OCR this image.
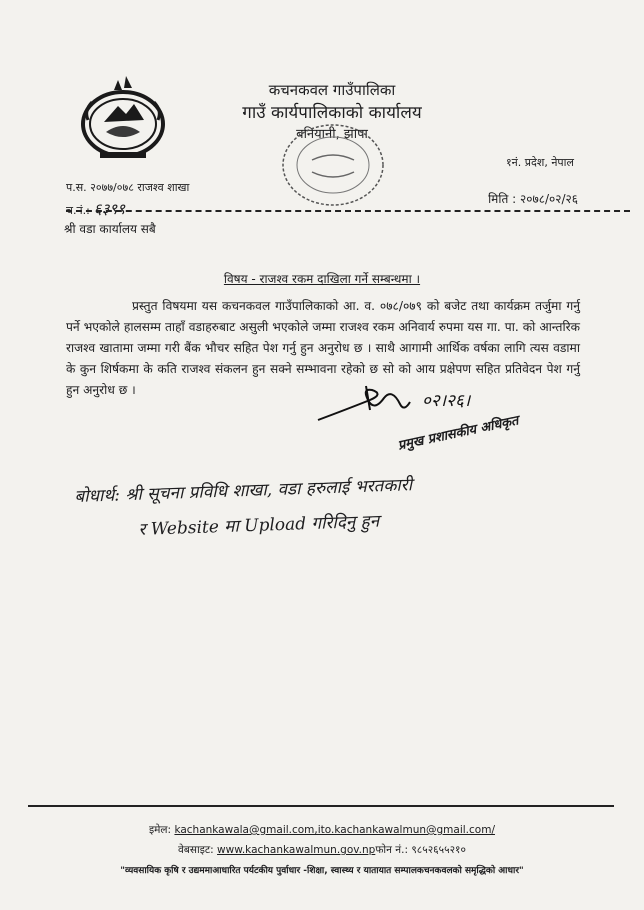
कचनकवल गाउँपालिका
गाउँ कार्यपालिकाको कार्यालय
बनियानी, झापा
१नं. प्रदेश, नेपाल
प.स. २०७७/०७८ राजश्व शाखा
च.नं.: ६३९९
मिति : २०७८/०२/२६
श्री वडा कार्यालय सबै
विषय - राजश्व रकम दाखिला गर्ने सम्बन्धमा ।
प्रस्तुत विषयमा यस कचनकवल गाउँपालिकाको आ. व. ०७८/०७९ को बजेट तथा कार्यक्रम तर्जुमा गर्नु पर्ने भएकोले हालसम्म ताहाँ वडाहरुबाट असुली भएकोले जम्मा राजश्व रकम अनिवार्य रुपमा यस गा. पा. को आन्तरिक राजश्व खातामा जम्मा गरी बैंक भौचर सहित पेश गर्नु हुन अनुरोध छ । साथै आगामी आर्थिक वर्षका लागि त्यस वडामा के कुन शिर्षकमा के कति राजश्व संकलन हुन सक्ने सम्भावना रहेको छ सो को आय प्रक्षेपण सहित प्रतिवेदन पेश गर्नु हुन अनुरोध छ ।
०२।२६।
प्रमुख प्रशासकीय अधिकृत
बोधार्थ: श्री सूचना प्रविधि शाखा, वडा हरुलाई भरतकारी
र Website मा Upload गरिदिनु हुन
इमेल: kachankawala@gmail.com,ito.kachankawalmun@gmail.com/
वेबसाइट: www.kachankawalmun.gov.npफोन नं.: ९८५२६५५२१०
"व्यवसायिक कृषि र उद्यममाआधारित पर्यटकीय पुर्वाधार -शिक्षा, स्वास्थ्य र यातायात सम्पालकचनकवलको समृद्धिको आधार"
